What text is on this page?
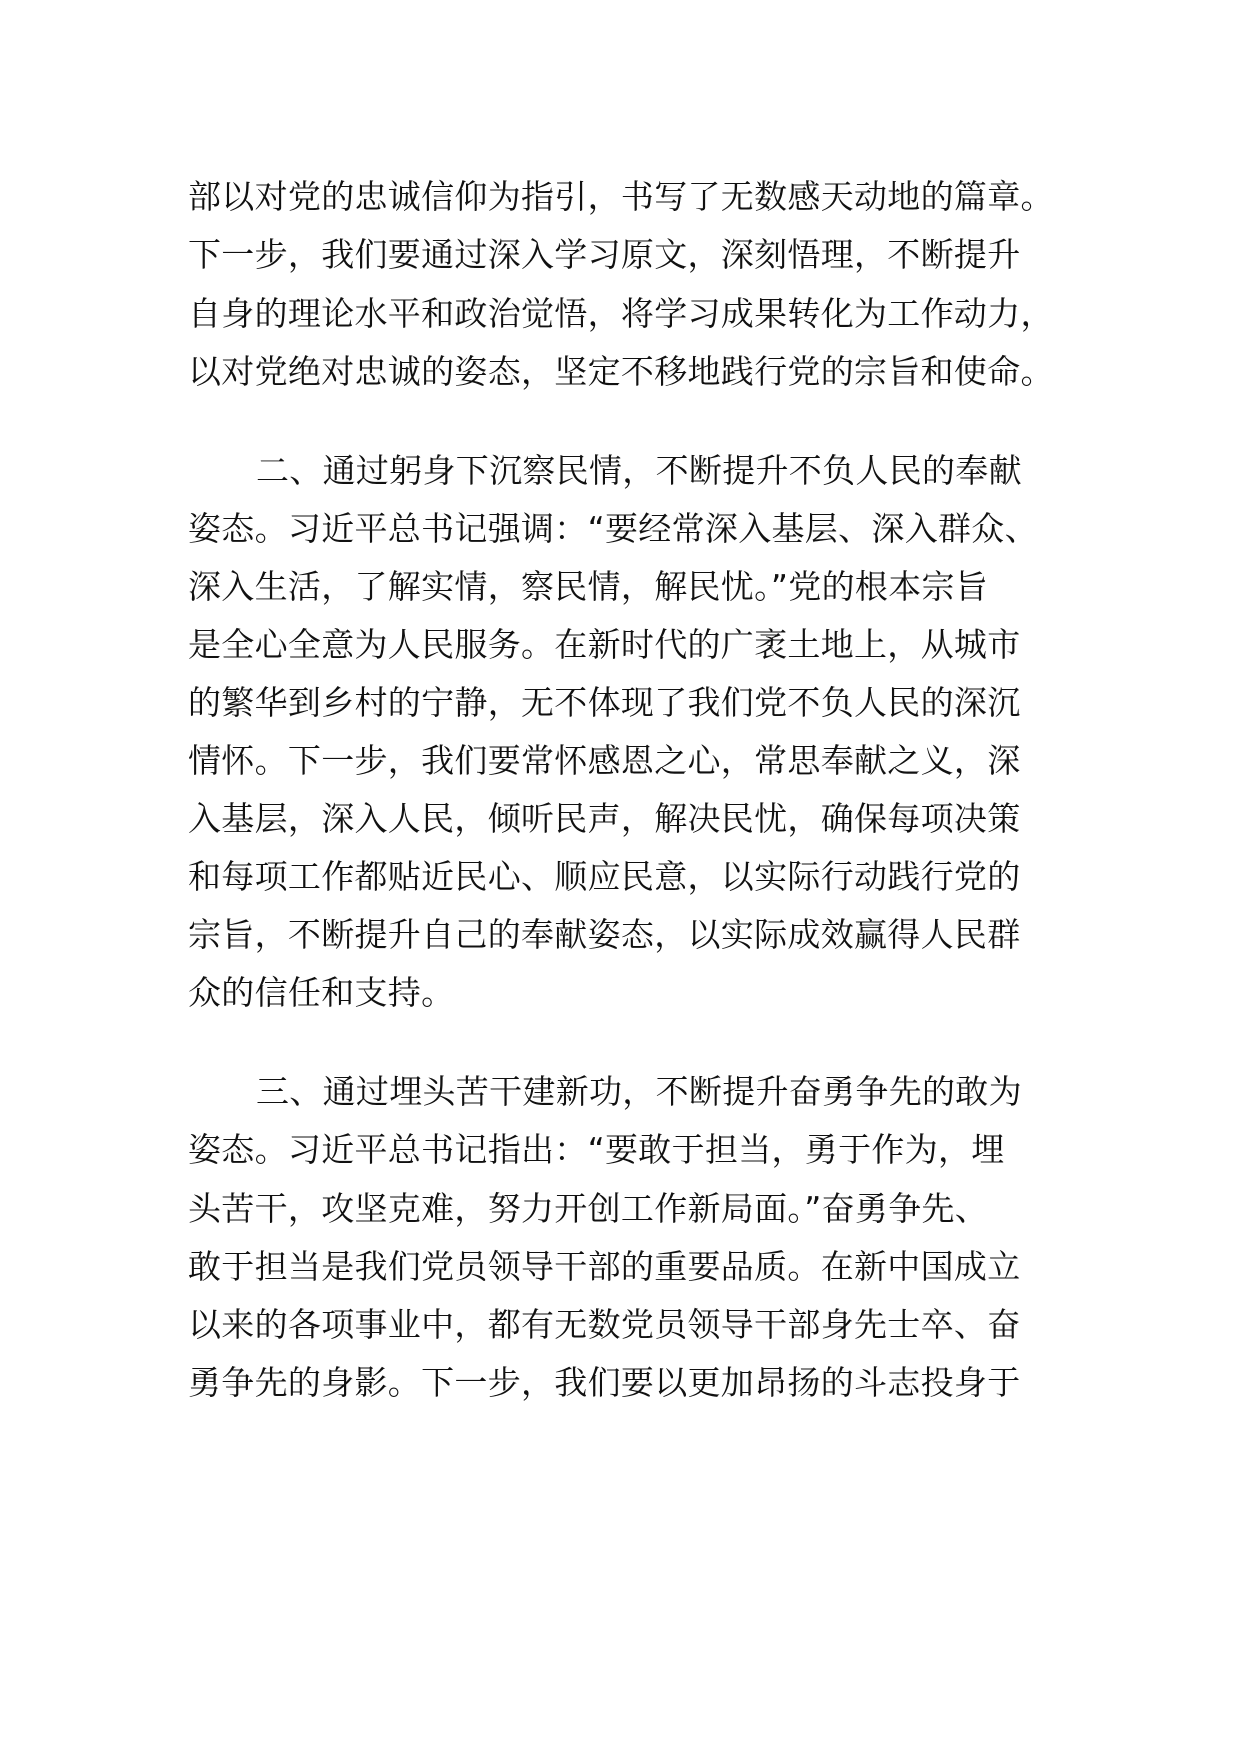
部以对党的忠诚信仰为指引，书写了无数感天动地的篇章。
下一步，我们要通过深入学习原文，深刻悟理，不断提升
自身的理论水平和政治觉悟，将学习成果转化为工作动力，
以对党绝对忠诚的姿态，坚定不移地践行党的宗旨和使命。
二、通过躬身下沉察民情，不断提升不负人民的奉献
姿态。习近平总书记强调：“要经常深入基层、深入群众、
深入生活，了解实情，察民情，解民忧。”党的根本宗旨
是全心全意为人民服务。在新时代的广袤土地上，从城市
的繁华到乡村的宁静，无不体现了我们党不负人民的深沉
情怀。下一步，我们要常怀感恩之心，常思奉献之义，深
入基层，深入人民，倾听民声，解决民忧，确保每项决策
和每项工作都贴近民心、顺应民意，以实际行动践行党的
宗旨，不断提升自己的奉献姿态，以实际成效赢得人民群
众的信任和支持。
三、通过埋头苦干建新功，不断提升奋勇争先的敢为
姿态。习近平总书记指出：“要敢于担当，勇于作为，埋
头苦干，攻坚克难，努力开创工作新局面。”奋勇争先、
敢于担当是我们党员领导干部的重要品质。在新中国成立
以来的各项事业中，都有无数党员领导干部身先士卒、奋
勇争先的身影。下一步，我们要以更加昂扬的斗志投身于
